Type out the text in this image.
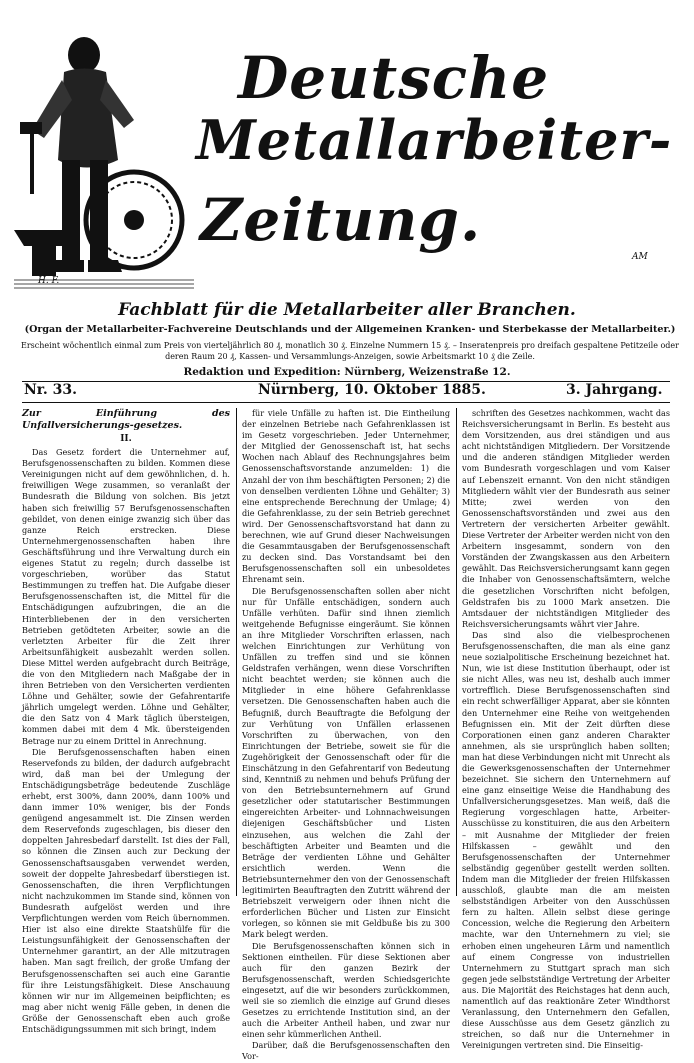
Deutsche
Metallarbeiter-
Zeitung.
H. F.
AM
Fachblatt für die Metallarbeiter aller Branchen.
(Organ der Metallarbeiter-Fachvereine Deutschlands und der Allgemeinen Kranken- und Sterbekasse der Metallarbeiter.)
Erscheint wöchentlich einmal zum Preis von vierteljährlich 80 ₰, monatlich 30 ₰. Einzelne Nummern 15 ₰. – Inseratenpreis pro dreifach gespaltene Petitzeile oder deren Raum 20 ₰, Kassen- und Versammlungs-Anzeigen, sowie Arbeitsmarkt 10 ₰ die Zeile.
Redaktion und Expedition: Nürnberg, Weizenstraße 12.
Nr. 33.	Nürnberg, 10. Oktober 1885.	3. Jahrgang.
Zur Einführung des Unfallversicherungs-gesetzes.
II.

Das Gesetz fordert die Unternehmer auf, Berufsgenossenschaften zu bilden. Kommen diese Vereinigungen nicht auf dem gewöhnlichen, d. h. freiwilligen Wege zusammen, so veranlaßt der Bundesrath die Bildung von solchen. Bis jetzt haben sich freiwillig 57 Berufsgenossenschaften gebildet, von denen einige zwanzig sich über das ganze Reich erstrecken. Diese Unternehmergenossenschaften haben ihre Geschäftsführung und ihre Verwaltung durch ein eigenes Statut zu regeln; durch dasselbe ist vorgeschrieben, worüber das Statut Bestimmungen zu treffen hat. Die Aufgabe dieser Berufsgenossenschaften ist, die Mittel für die Entschädigungen aufzubringen, die an die Hinterbliebenen der in den versicherten Betrieben getödteten Arbeiter, sowie an die verletzten Arbeiter für die Zeit ihrer Arbeitsunfähigkeit ausbezahlt werden sollen. Diese Mittel werden aufgebracht durch Beiträge, die von den Mitgliedern nach Maßgabe der in ihren Betrieben von den Versicherten verdienten Löhne und Gehälter, sowie der Gefahrentarife jährlich umgelegt werden. Löhne und Gehälter, die den Satz von 4 Mark täglich übersteigen, kommen dabei mit dem 4 Mk. übersteigenden Betrage nur zu einem Drittel in Anrechnung.

Die Berufsgenossenschaften haben einen Reservefonds zu bilden, der dadurch aufgebracht wird, daß man bei der Umlegung der Entschädigungsbeträge bedeutende Zuschläge erhebt, erst 300%, dann 200%, dann 100% und dann immer 10% weniger, bis der Fonds genügend angesammelt ist. Die Zinsen werden dem Reservefonds zugeschlagen, bis dieser den doppelten Jahresbedarf darstellt. Ist dies der Fall, so können die Zinsen auch zur Deckung der Genossenschaftsausgaben verwendet werden, soweit der doppelte Jahresbedarf überstiegen ist. Genossenschaften, die ihren Verpflichtungen nicht nachzukommen im Stande sind, können von Bundesrath aufgelöst werden und ihre Verpflichtungen werden vom Reich übernommen. Hier ist also eine direkte Staatshülfe für die Leistungsunfähigkeit der Genossenschaften der Unternehmer garantirt, an der Alle mitzutragen haben. Man sagt freilich, der große Umfang der Berufsgenossenschaften sei auch eine Garantie für ihre Leistungsfähigkeit. Diese Anschauung können wir nur im Allgemeinen beipflichten; es mag aber nicht wenig Fälle geben, in denen die Größe der Genossenschaft eben auch große Entschädigungssummen mit sich bringt, indem

für viele Unfälle zu haften ist. Die Eintheilung der einzelnen Betriebe nach Gefahrenklassen ist im Gesetz vorgeschrieben. Jeder Unternehmer, der Mitglied der Genossenschaft ist, hat sechs Wochen nach Ablauf des Rechnungsjahres beim Genossenschaftsvorstande anzumelden: 1) die Anzahl der von ihm beschäftigten Personen; 2) die von denselben verdienten Löhne und Gehälter; 3) eine entsprechende Berechnung der Umlage; 4) die Gefahrenklasse, zu der sein Betrieb gerechnet wird. Der Genossenschaftsvorstand hat dann zu berechnen, wie auf Grund dieser Nachweisungen die Gesammtausgaben der Berufsgenossenschaft zu decken sind. Das Vorstandsamt bei den Berufsgenossenschaften soll ein unbesoldetes Ehrenamt sein.

Die Berufsgenossenschaften sollen aber nicht nur für Unfälle entschädigen, sondern auch Unfälle verhüten. Dafür sind ihnen ziemlich weitgehende Befugnisse eingeräumt. Sie können an ihre Mitglieder Vorschriften erlassen, nach welchen Einrichtungen zur Verhütung von Unfällen zu treffen sind und sie können Geldstrafen verhängen, wenn diese Vorschriften nicht beachtet werden; sie können auch die Mitglieder in eine höhere Gefahrenklasse versetzen. Die Genossenschaften haben auch die Befugniß, durch Beauftragte die Befolgung der zur Verhütung von Unfällen erlassenen Vorschriften zu überwachen, von den Einrichtungen der Betriebe, soweit sie für die Zugehörigkeit der Genossenschaft oder für die Einschätzung in den Gefahrentarif von Bedeutung sind, Kenntniß zu nehmen und behufs Prüfung der von den Betriebsunternehmern auf Grund gesetzlicher oder statutarischer Bestimmungen eingereichten Arbeiter- und Lohnnachweisungen diejenigen Geschäftsbücher und Listen einzusehen, aus welchen die Zahl der beschäftigten Arbeiter und Beamten und die Beträge der verdienten Löhne und Gehälter ersichtlich werden. Wenn die Betriebsunternehmer den von der Genossenschaft legitimirten Beauftragten den Zutritt während der Betriebszeit verweigern oder ihnen nicht die erforderlichen Bücher und Listen zur Einsicht vorlegen, so können sie mit Geldbuße bis zu 300 Mark belegt werden.

Die Berufsgenossenschaften können sich in Sektionen eintheilen. Für diese Sektionen aber auch für den ganzen Bezirk der Berufsgenossenschaft, werden Schiedsgerichte eingesetzt, auf die wir besonders zurückkommen, weil sie so ziemlich die einzige auf Grund dieses Gesetzes zu errichtende Institution sind, an der auch die Arbeiter Antheil haben, und zwar nur einen sehr kümmerlichen Antheil.

Darüber, daß die Berufsgenossenschaften den Vor-

schriften des Gesetzes nachkommen, wacht das Reichsversicherungsamt in Berlin. Es besteht aus dem Vorsitzenden, aus drei ständigen und aus acht nichtständigen Mitgliedern. Der Vorsitzende und die anderen ständigen Mitglieder werden vom Bundesrath vorgeschlagen und vom Kaiser auf Lebenszeit ernannt. Von den nicht ständigen Mitgliedern wählt vier der Bundesrath aus seiner Mitte; zwei werden von den Genossenschaftsvorständen und zwei aus den Vertretern der versicherten Arbeiter gewählt. Diese Vertreter der Arbeiter werden nicht von den Arbeitern insgesammt, sondern von den Vorständen der Zwangskassen aus den Arbeitern gewählt. Das Reichsversicherungsamt kann gegen die Inhaber von Genossenschaftsämtern, welche die gesetzlichen Vorschriften nicht befolgen, Geldstrafen bis zu 1000 Mark ansetzen. Die Amtsdauer der nichtständigen Mitglieder des Reichsversicherungsamts währt vier Jahre.

Das sind also die vielbesprochenen Berufsgenossenschaften, die man als eine ganz neue sozialpolitische Erscheinung bezeichnet hat. Nun, wie ist diese Institution überhaupt, oder ist sie nicht Alles, was neu ist, deshalb auch immer vortrefflich. Diese Berufsgenossenschaften sind ein recht schwerfälliger Apparat, aber sie könnten den Unternehmer eine Reihe von weitgehenden Befugnissen ein. Mit der Zeit dürften diese Corporationen einen ganz anderen Charakter annehmen, als sie ursprünglich haben sollten; man hat diese Verbindungen nicht mit Unrecht als die Gewerksgenossenschaften der Unternehmer bezeichnet. Sie sichern den Unternehmern auf eine ganz einseitige Weise die Handhabung des Unfallversicherungsgesetzes. Man weiß, daß die Regierung vorgeschlagen hatte, Arbeiter-Ausschüsse zu konstituiren, die aus den Arbeitern – mit Ausnahme der Mitglieder der freien Hilfskassen – gewählt und den Berufsgenossenschaften der Unternehmer selbständig gegenüber gestellt werden sollten. Indem man die Mitglieder der freien Hilfskassen ausschloß, glaubte man die am meisten selbstständigen Arbeiter von den Ausschüssen fern zu halten. Allein selbst diese geringe Concession, welche die Regierung den Arbeitern machte, war den Unternehmern zu viel; sie erhoben einen ungeheuren Lärm und namentlich auf einem Congresse von industriellen Unternehmern zu Stuttgart sprach man sich gegen jede selbstständige Vertretung der Arbeiter aus. Die Majorität des Reichstages hat denn auch, namentlich auf das reaktionäre Zeter Windthorst Veranlassung, den Unternehmern den Gefallen, diese Ausschüsse aus dem Gesetz gänzlich zu streichen, so daß nur die Unternehmer in Vereinigungen vertreten sind. Die Einseitig-
